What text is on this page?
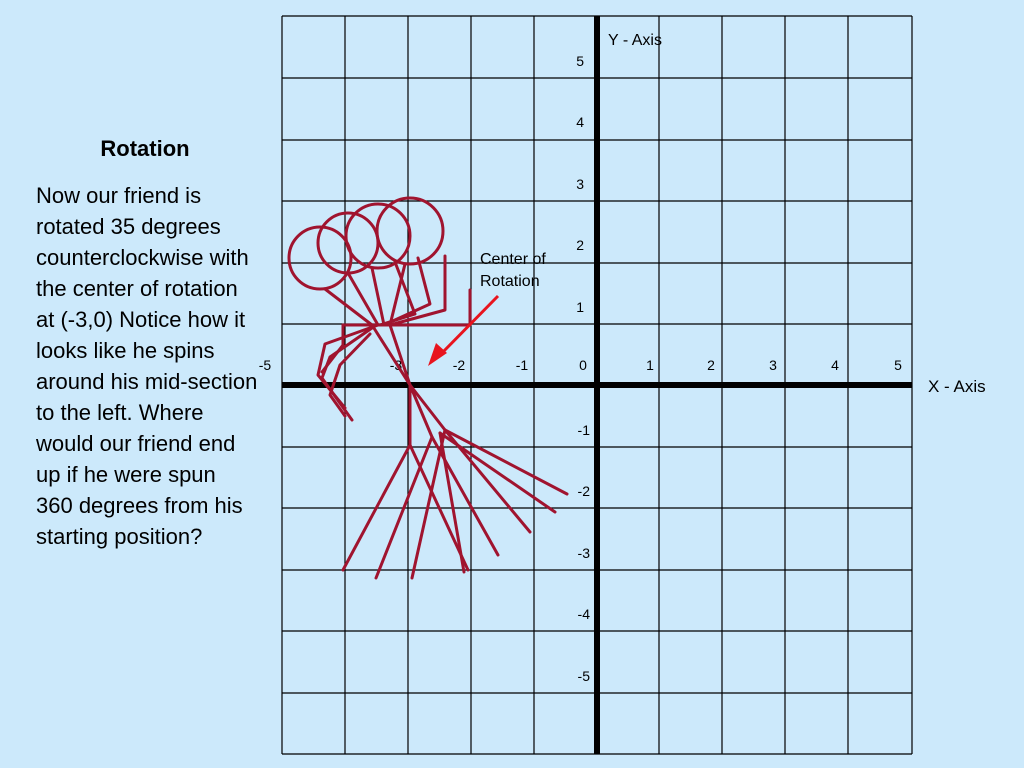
Rotation
Now our friend is rotated 35 degrees counterclockwise with the center of rotation at (-3,0) Notice how it looks like he spins around his mid-section to the left. Where would our friend end up if he were spun 360 degrees from his starting position?
Y - Axis
X - Axis
-5	-3	-2	-1	0	1	2	3	4	5
5
4
3
2
1
-1
-2
-3
-4
-5
Center of
Rotation
